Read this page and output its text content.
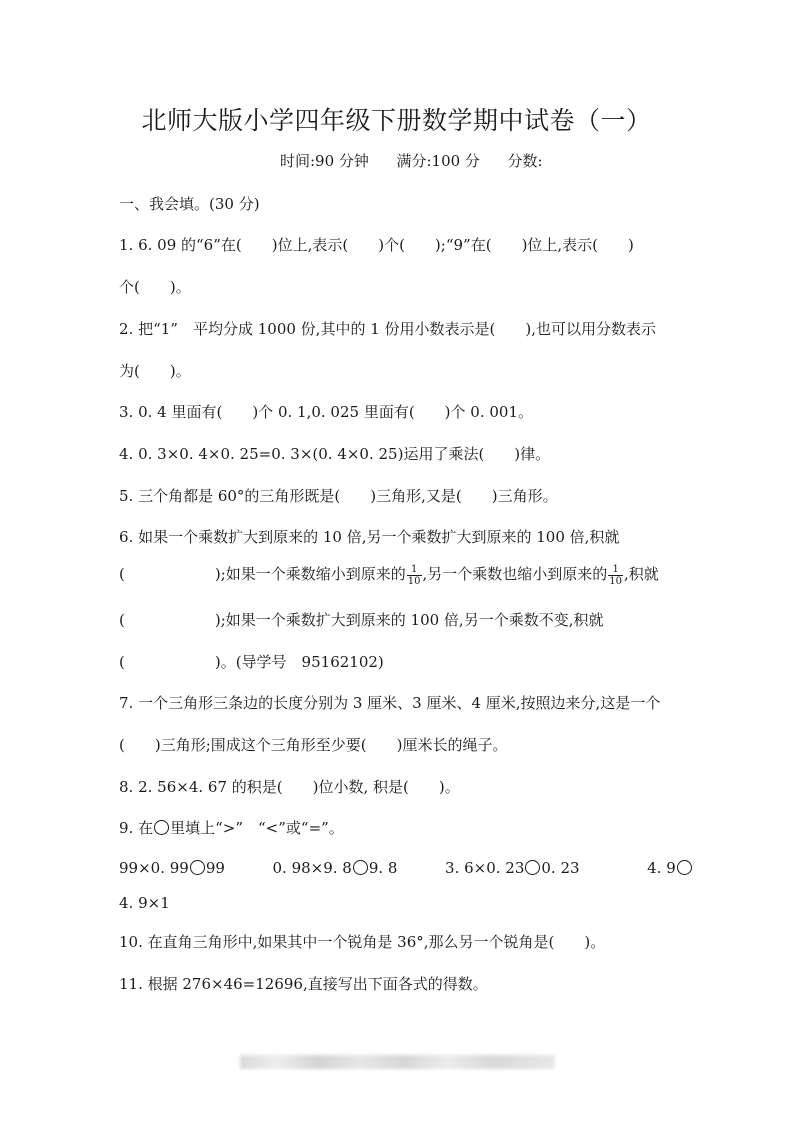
北师大版小学四年级下册数学期中试卷（一）
时间:90 分钟 满分:100 分 分数:
一、我会填。(30 分)
1. 6. 09 的“6”在(　　)位上,表示(　　)个(　　);“9”在(　　)位上,表示(　　)
个(　　)。
2. 把“1”　平均分成 1000 份,其中的 1 份用小数表示是(　　),也可以用分数表示
为(　　)。
3. 0. 4 里面有(　　)个 0. 1,0. 025 里面有(　　)个 0. 001。
4. 0. 3×0. 4×0. 25=0. 3×(0. 4×0. 25)运用了乘法(　　)律。
5. 三个角都是 60°的三角形既是(　　)三角形,又是(　　)三角形。
6. 如果一个乘数扩大到原来的 10 倍,另一个乘数扩大到原来的 100 倍,积就
(　　　　　　);如果一个乘数缩小到原来的 $\frac{1}{10}$ ,另一个乘数也缩小到原来的 $\frac{1}{10}$ ,积就
(　　　　　　);如果一个乘数扩大到原来的 100 倍,另一个乘数不变,积就
(　　　　　　)。(导学号　95162102)
7. 一个三角形三条边的长度分别为 3 厘米、3 厘米、4 厘米,按照边来分,这是一个
(　　)三角形;围成这个三角形至少要(　　)厘米长的绳子。
8. 2. 56×4. 67 的积是(　　)位小数, 积是(　　)。
9. 在 里填上“>”　“<”或“=”。
99×0. 99 99	0. 98×9. 8 9. 8	3. 6×0. 23 0. 23	4. 9
4. 9×1
10. 在直角三角形中,如果其中一个锐角是 36°,那么另一个锐角是(　　)。
11. 根据 276×46=12696,直接写出下面各式的得数。
